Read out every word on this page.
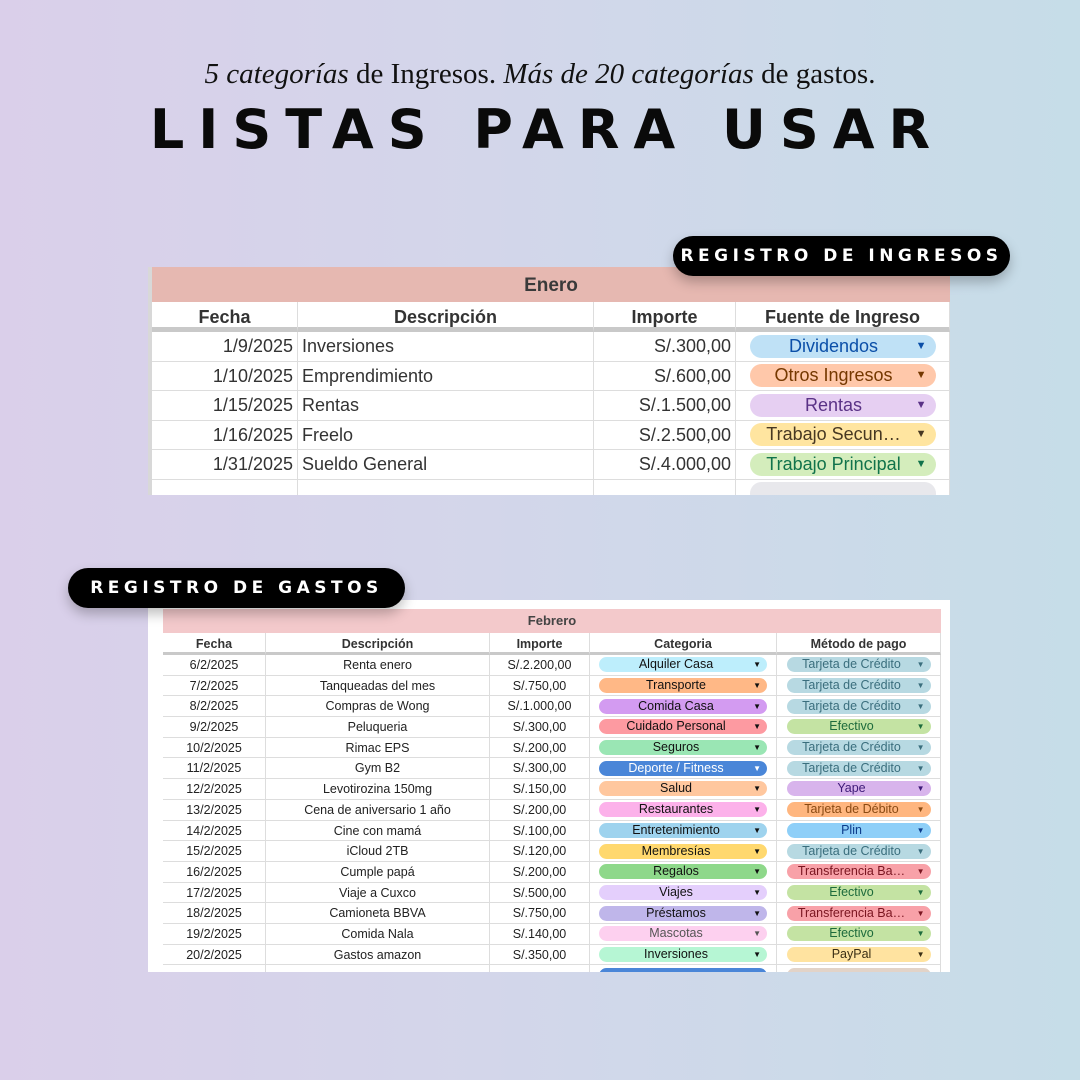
5 categorías de Ingresos. Más de 20 categorías de gastos.
LISTAS PARA USAR
REGISTRO DE INGRESOS
Enero
Fecha	Descripción	Importe	Fuente de Ingreso
1/9/2025 Inversiones	S/.300,00	Dividendos	▼
1/10/2025 Emprendimiento	S/.600,00	Otros Ingresos ▼
1/15/2025 Rentas	S/.1.500,00	Rentas	▼
1/16/2025 Freelo	S/.2.500,00	Trabajo Secun… ▼
1/31/2025 Sueldo General	S/.4.000,00	Trabajo Principal ▼
REGISTRO DE GASTOS
Febrero
Fecha	Descripción	Importe	Categoria	Método de pago
6/2/2025	Renta enero	S/.2.200,00	Alquiler Casa	▼	Tarjeta de Crédito ▼
7/2/2025	Tanqueadas del mes	S/.750,00	Transporte	▼	Tarjeta de Crédito ▼
8/2/2025	Compras de Wong	S/.1.000,00	Comida Casa	▼	Tarjeta de Crédito ▼
9/2/2025	Peluqueria	S/.300,00	Cuidado Personal	▼	Efectivo	▼
10/2/2025	Rimac EPS	S/.200,00	Seguros	▼	Tarjeta de Crédito ▼
11/2/2025	Gym B2	S/.300,00	Deporte / Fitness	▼	Tarjeta de Crédito ▼
12/2/2025	Levotirozina 150mg	S/.150,00	Salud	▼	Yape	▼
13/2/2025	Cena de aniversario 1 año	S/.200,00	Restaurantes	▼	Tarjeta de Débito ▼
14/2/2025	Cine con mamá	S/.100,00	Entretenimiento	▼	Plin	▼
15/2/2025	iCloud 2TB	S/.120,00	Membresías	▼	Tarjeta de Crédito ▼
16/2/2025	Cumple papá	S/.200,00	Regalos	▼	Transferencia Ba… ▼
17/2/2025	Viaje a Cuxco	S/.500,00	Viajes	▼	Efectivo	▼
18/2/2025	Camioneta BBVA	S/.750,00	Préstamos	▼	Transferencia Ba… ▼
19/2/2025	Comida Nala	S/.140,00	Mascotas	▼	Efectivo	▼
20/2/2025	Gastos amazon	S/.350,00	Inversiones	▼	PayPal	▼
